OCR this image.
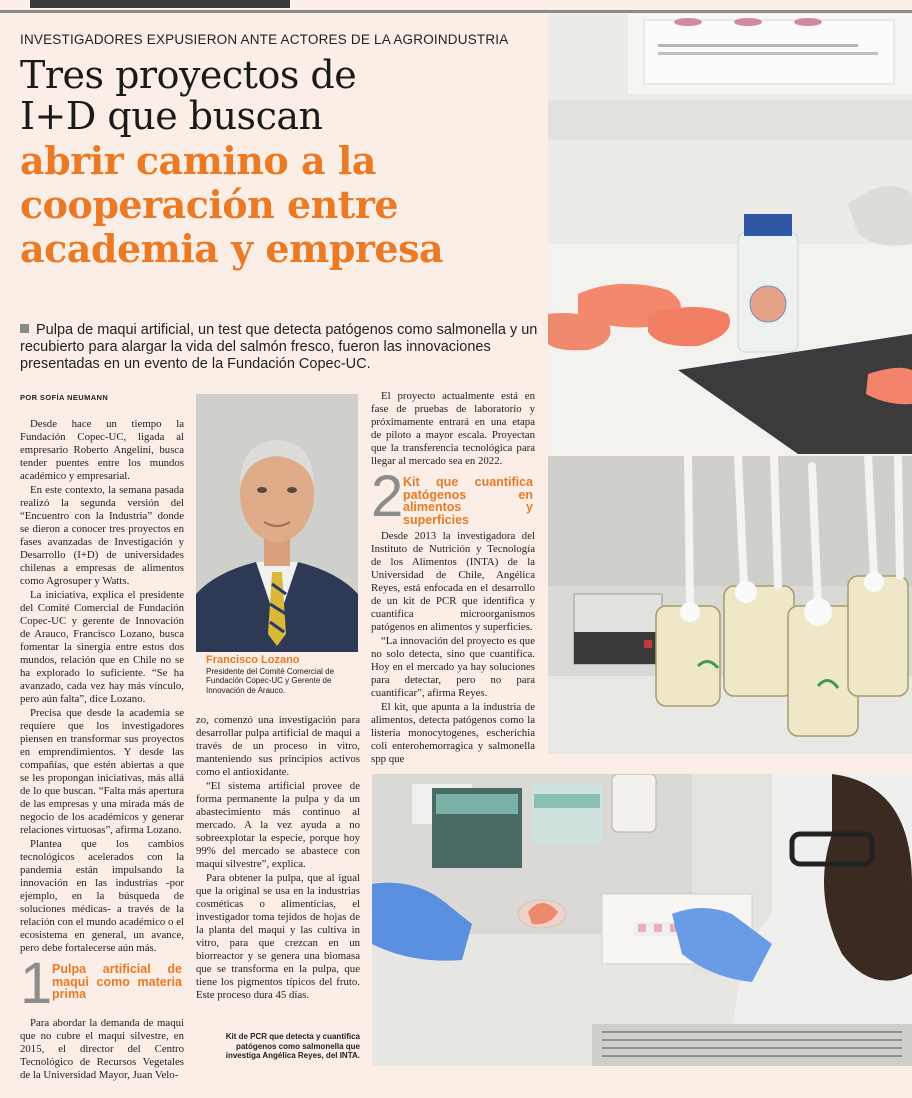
INVESTIGADORES EXPUSIERON ANTE ACTORES DE LA AGROINDUSTRIA
Tres proyectos de
I+D que buscan
abrir camino a la
cooperación entre
academia y empresa
Pulpa de maqui artificial, un test que detecta patógenos como salmonella y un recubierto para alargar la vida del salmón fresco, fueron las innovaciones presentadas en un evento de la Fundación Copec-UC.
POR SOFÍA NEUMANN

Desde hace un tiempo la Fundación Copec-UC, ligada al empresario Roberto Angelini, busca tender puentes entre los mundos académico y empresarial.

En este contexto, la semana pasada realizó la segunda versión del “Encuentro con la Industria” donde se dieron a conocer tres proyectos en fases avanzadas de Investigación y Desarrollo (I+D) de universidades chilenas a empresas de alimentos como Agrosuper y Watts.

La iniciativa, explica el presidente del Comité Comercial de Fundación Copec-UC y gerente de Innovación de Arauco, Francisco Lozano, busca fomentar la sinergia entre estos dos mundos, relación que en Chile no se ha explorado lo suficiente. “Se ha avanzado, cada vez hay más vínculo, pero aún falta”, dice Lozano.

Precisa que desde la academia se requiere que los investigadores piensen en transformar sus proyectos en emprendimientos. Y desde las compañías, que estén abiertas a que se les propongan iniciativas, más allá de lo que buscan. “Falta más apertura de las empresas y una mirada más de negocio de los académicos y generar relaciones virtuosas”, afirma Lozano.

Plantea que los cambios tecnológicos acelerados con la pandemia están impulsando la innovación en las industrias -por ejemplo, en la búsqueda de soluciones médicas- a través de la relación con el mundo académico o el ecosistema en general, un avance, pero debe fortalecerse aún más.

1 Pulpa artificial de maqui como materia prima

Para abordar la demanda de maqui que no cubre el maqui silvestre, en 2015, el director del Centro Tecnológico de Recursos Vegetales de la Universidad Mayor, Juan Velo-

Francisco Lozano
Presidente del Comité Comercial de Fundación Copec-UC y Gerente de Innovación de Arauco.

zo, comenzó una investigación para desarrollar pulpa artificial de maqui a través de un proceso in vitro, manteniendo sus principios activos como el antioxidante.

“El sistema artificial provee de forma permanente la pulpa y da un abastecimiento más continuo al mercado. A la vez ayuda a no sobreexplotar la especie, porque hoy 99% del mercado se abastece con maqui silvestre”, explica.

Para obtener la pulpa, que al igual que la original se usa en la industrias cosméticas o alimenticias, el investigador toma tejidos de hojas de la planta del maqui y las cultiva in vitro, para que crezcan en un biorreactor y se genera una biomasa que se transforma en la pulpa, que tiene los pigmentos típicos del fruto. Este proceso dura 45 días.

El proyecto actualmente está en fase de pruebas de laboratorio y próximamente entrará en una etapa de piloto a mayor escala. Proyectan que la transferencia tecnológica para llegar al mercado sea en 2022.

2 Kit que cuantifica patógenos en alimentos y superficies

Desde 2013 la investigadora del Instituto de Nutrición y Tecnología de los Alimentos (INTA) de la Universidad de Chile, Angélica Reyes, está enfocada en el desarrollo de un kit de PCR que identifica y cuantifica microorganismos patógenos en alimentos y superficies.

“La innovación del proyecto es que no solo detecta, sino que cuantifica. Hoy en el mercado ya hay soluciones para detectar, pero no para cuantificar”, afirma Reyes.

El kit, que apunta a la industria de alimentos, detecta patógenos como la listeria monocytogenes, escherichia coli enterohemorragica y salmonella spp que

Kit de PCR que detecta y cuantifica patógenos como salmonella que investiga Angélica Reyes, del INTA.
